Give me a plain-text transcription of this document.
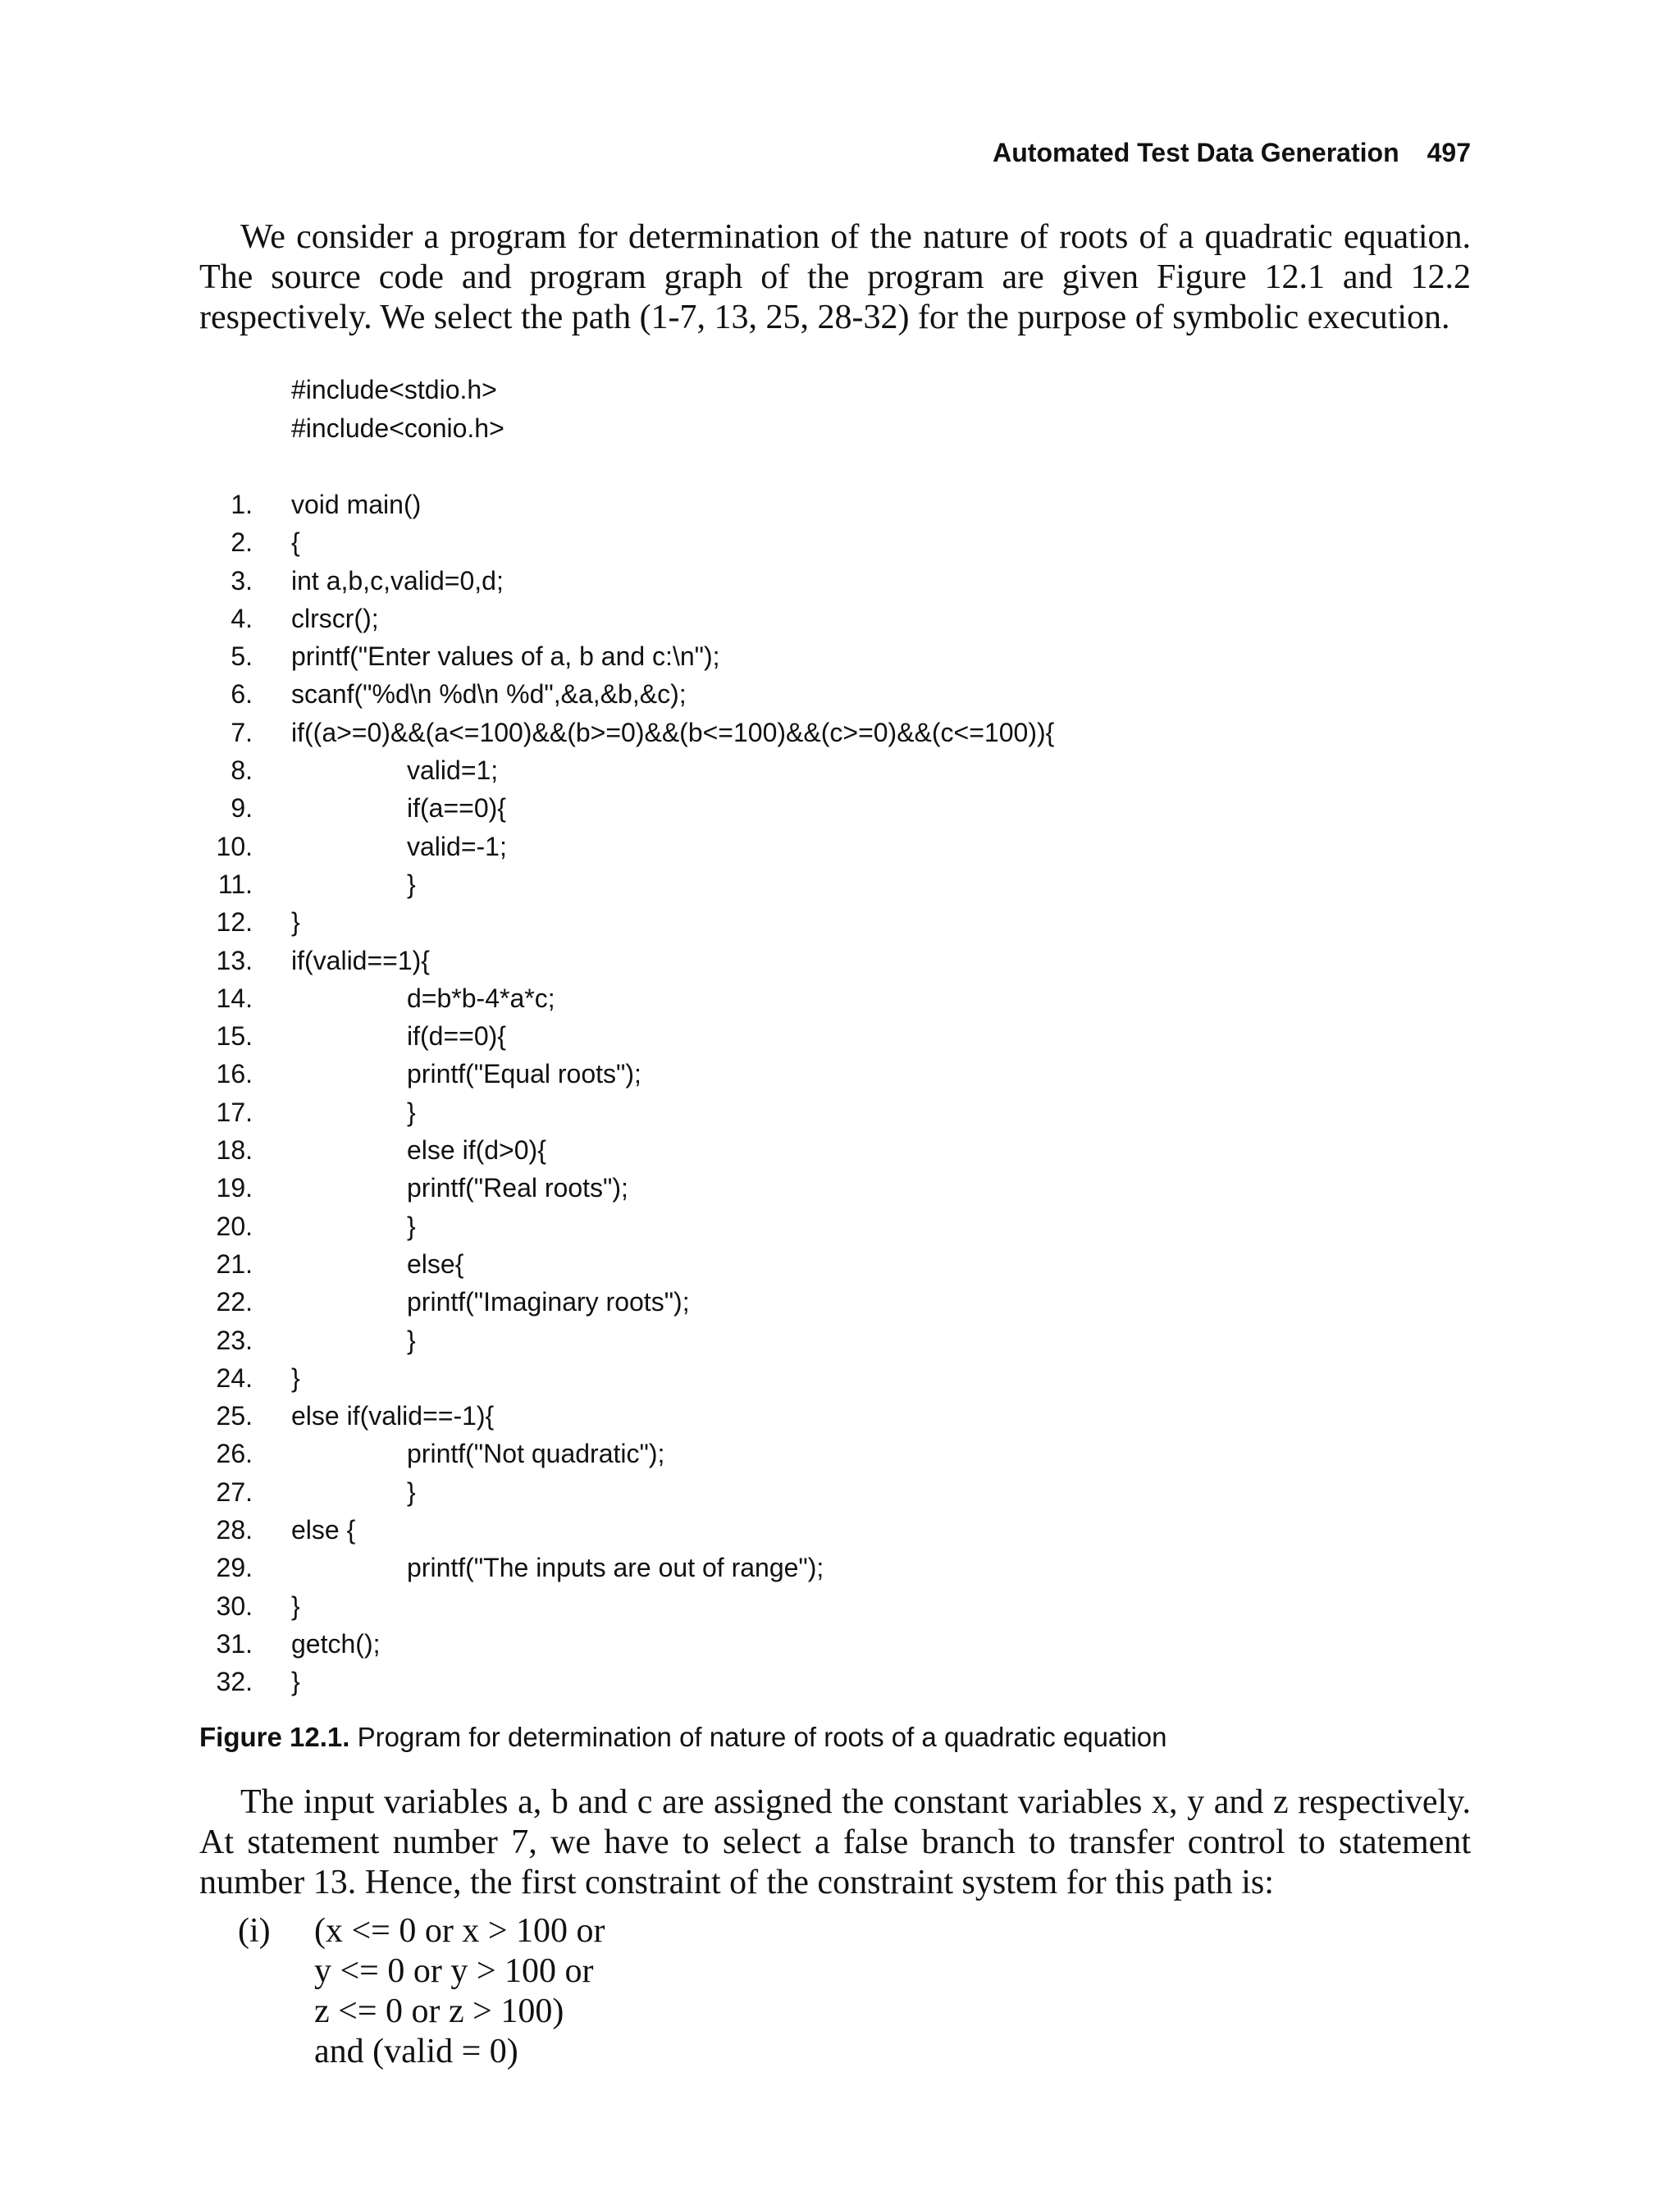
Automated Test Data Generation 497

We consider a program for determination of the nature of roots of a quadratic equation. The source code and program graph of the program are given Figure 12.1 and 12.2 respectively. We select the path (1-7, 13, 25, 28-32) for the purpose of symbolic execution.

#include<stdio.h>
#include<conio.h>
1. void main()
2. {
3. int a,b,c,valid=0,d;
4. clrscr();
5. printf("Enter values of a, b and c:\n");
6. scanf("%d\n %d\n %d",&a,&b,&c);
7. if((a>=0)&&(a<=100)&&(b>=0)&&(b<=100)&&(c>=0)&&(c<=100)){
8.	valid=1;
9.	if(a==0){
10.	valid=-1;
11.	}
12. }
13. if(valid==1){
14.	d=b*b-4*a*c;
15.	if(d==0){
16.	printf("Equal roots");
17.	}
18.	else if(d>0){
19.	printf("Real roots");
20.	}
21.	else{
22.	printf("Imaginary roots");
23.	}
24. }
25. else if(valid==-1){
26.	printf("Not quadratic");
27.	}
28. else {
29.	printf("The inputs are out of range");
30. }
31. getch();
32. }
Figure 12.1. Program for determination of nature of roots of a quadratic equation

The input variables a, b and c are assigned the constant variables x, y and z respectively. At statement number 7, we have to select a false branch to transfer control to statement number 13. Hence, the first constraint of the constraint system for this path is:

(i) (x <= 0 or x > 100 or
y <= 0 or y > 100 or
z <= 0 or z > 100)
and (valid = 0)
